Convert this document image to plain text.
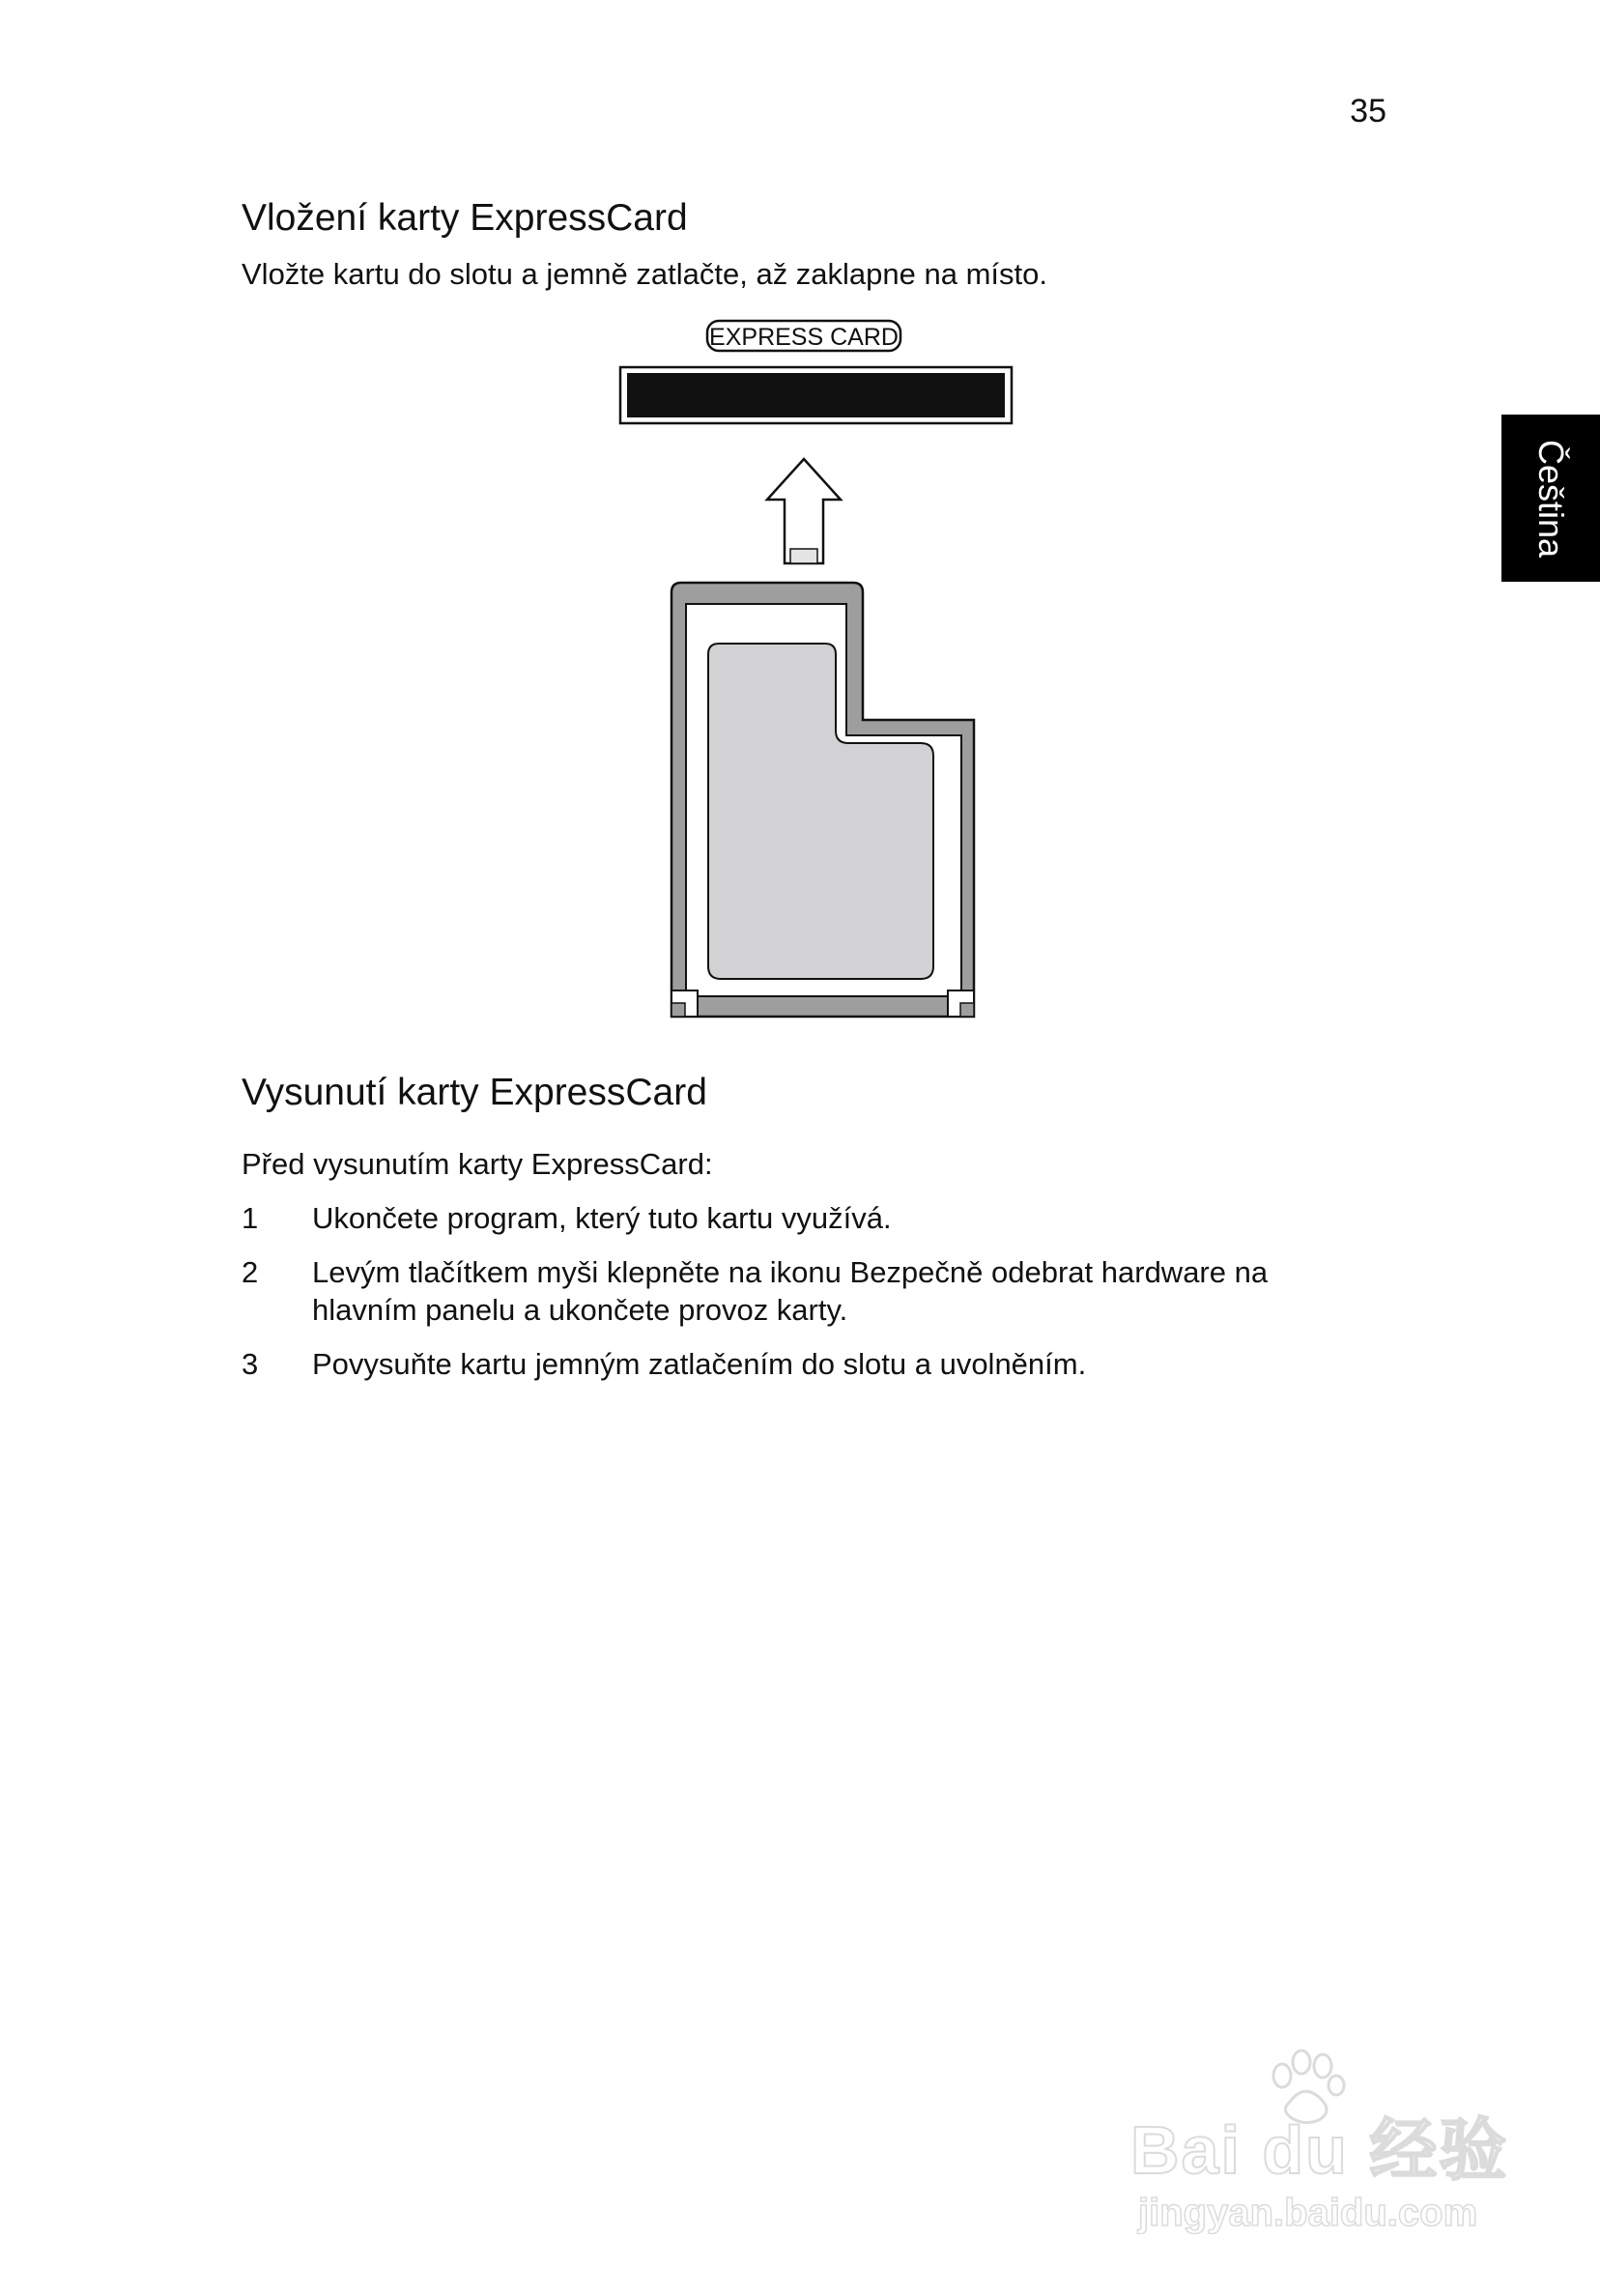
35
Čeština
Vložení karty ExpressCard

Vložte kartu do slotu a jemně zatlačte, až zaklapne na místo.

EXPRESS CARD
Vysunutí karty ExpressCard

Před vysunutím karty ExpressCard:

1	Ukončete program, který tuto kartu využívá.
2	Levým tlačítkem myši klepněte na ikonu Bezpečně odebrat hardware na hlavním panelu a ukončete provoz karty.
3	Povysuňte kartu jemným zatlačením do slotu a uvolněním.
Bai du 经验
jingyan.baidu.com
